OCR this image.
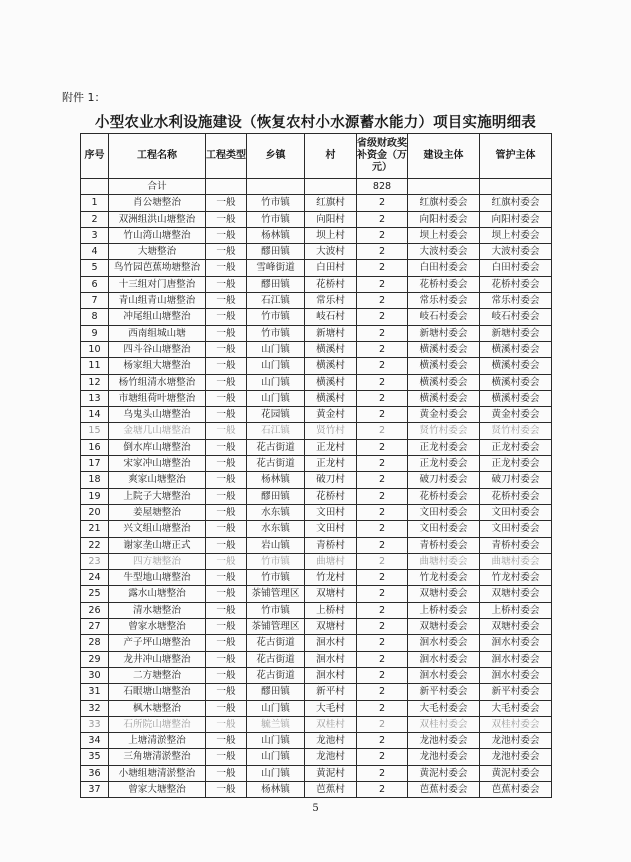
附件 1：
小型农业水利设施建设（恢复农村小水源蓄水能力）项目实施明细表
序号	工程名称	工程类型	乡镇	村	省级财政奖补资金（万元）	建设主体	管护主体
	合计				828		
1	肖公塘整治	一般	竹市镇	红旗村	2	红旗村委会	红旗村委会
2	双洲组洪山塘整治	一般	竹市镇	向阳村	2	向阳村委会	向阳村委会
3	竹山湾山塘整治	一般	杨林镇	坝上村	2	坝上村委会	坝上村委会
4	大塘整治	一般	醪田镇	大波村	2	大波村委会	大波村委会
5	鸟竹园芭蕉坳塘整治	一般	雪峰街道	白田村	2	白田村委会	白田村委会
6	十三组对门唐整治	一般	醪田镇	花桥村	2	花桥村委会	花桥村委会
7	青山组青山塘整治	一般	石江镇	常乐村	2	常乐村委会	常乐村委会
8	冲尾组山塘整治	一般	竹市镇	岐石村	2	岐石村委会	岐石村委会
9	西南组城山塘	一般	竹市镇	新塘村	2	新塘村委会	新塘村委会
10	四斗谷山塘整治	一般	山门镇	横溪村	2	横溪村委会	横溪村委会
11	杨家组大塘整治	一般	山门镇	横溪村	2	横溪村委会	横溪村委会
12	杨竹组清水塘整治	一般	山门镇	横溪村	2	横溪村委会	横溪村委会
13	市塘组荷叶塘整治	一般	山门镇	横溪村	2	横溪村委会	横溪村委会
14	乌鬼头山塘整治	一般	花园镇	黄金村	2	黄金村委会	黄金村委会
15	金塘几山塘整治	一般	石江镇	贤竹村	2	贤竹村委会	贤竹村委会
16	倒水库山塘整治	一般	花古街道	正龙村	2	正龙村委会	正龙村委会
17	宋家冲山塘整治	一般	花古街道	正龙村	2	正龙村委会	正龙村委会
18	爽家山塘整治	一般	杨林镇	破刀村	2	破刀村委会	破刀村委会
19	上院子大塘整治	一般	醪田镇	花桥村	2	花桥村委会	花桥村委会
20	姜屋塘整治	一般	水东镇	文田村	2	文田村委会	文田村委会
21	兴文组山塘整治	一般	水东镇	文田村	2	文田村委会	文田村委会
22	谢家垄山塘正式	一般	岩山镇	青桥村	2	青桥村委会	青桥村委会
23	四方塘整治	一般	竹市镇	曲塘村	2	曲塘村委会	曲塘村委会
24	牛型地山塘整治	一般	竹市镇	竹龙村	2	竹龙村委会	竹龙村委会
25	露水山塘整治	一般	茶铺管理区	双塘村	2	双塘村委会	双塘村委会
26	清水塘整治	一般	竹市镇	上桥村	2	上桥村委会	上桥村委会
27	曾家水塘整治	一般	茶铺管理区	双塘村	2	双塘村委会	双塘村委会
28	产子坪山塘整治	一般	花古街道	洄水村	2	洄水村委会	洄水村委会
29	龙井冲山塘整治	一般	花古街道	洄水村	2	洄水村委会	洄水村委会
30	二方塘整治	一般	花古街道	洄水村	2	洄水村委会	洄水村委会
31	石眼塘山塘整治	一般	醪田镇	新平村	2	新平村委会	新平村委会
32	枫木塘整治	一般	山门镇	大毛村	2	大毛村委会	大毛村委会
33	石所院山塘整治	一般	毓兰镇	双桂村	2	双桂村委会	双桂村委会
34	上塘清淤整治	一般	山门镇	龙池村	2	龙池村委会	龙池村委会
35	三角塘清淤整治	一般	山门镇	龙池村	2	龙池村委会	龙池村委会
36	小塘组塘清淤整治	一般	山门镇	黄泥村	2	黄泥村委会	黄泥村委会
37	曾家大塘整治	一般	杨林镇	芭蕉村	2	芭蕉村委会	芭蕉村委会
5
